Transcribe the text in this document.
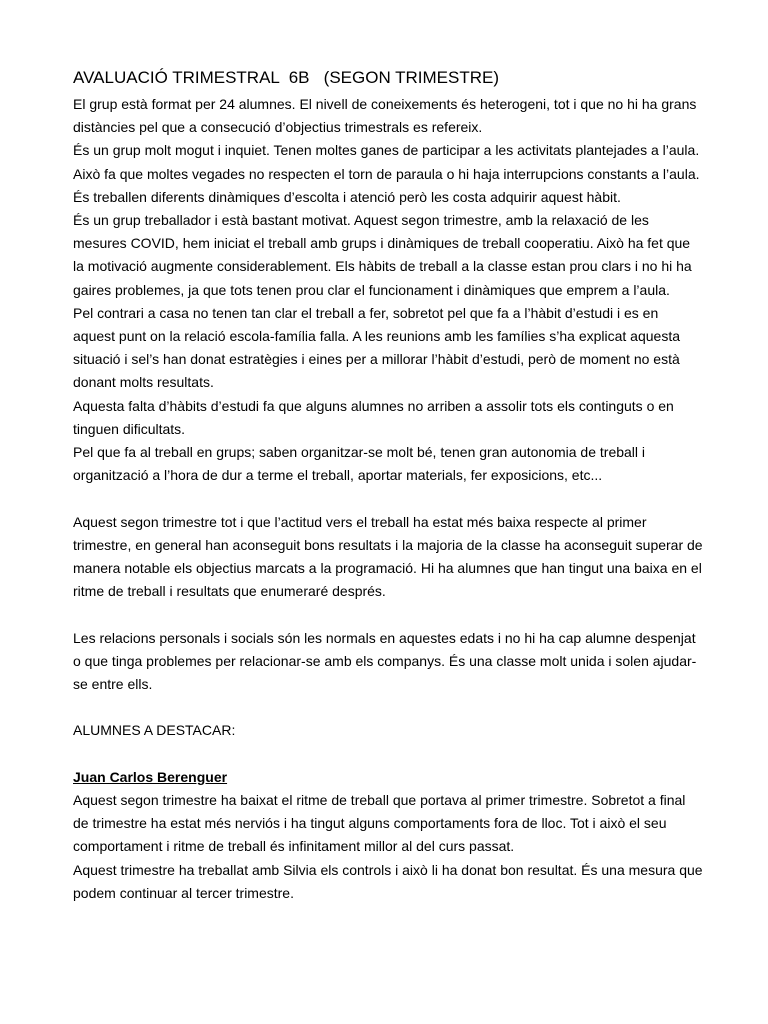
AVALUACIÓ TRIMESTRAL  6B   (SEGON TRIMESTRE)

El grup està format per 24 alumnes. El nivell de coneixements és heterogeni, tot i que no hi ha grans distàncies pel que a consecució d’objectius trimestrals es refereix.

És un grup molt mogut i inquiet. Tenen moltes ganes de participar a les activitats plantejades a l’aula. Això fa que moltes vegades no respecten el torn de paraula o hi haja interrupcions constants a l’aula. És treballen diferents dinàmiques d’escolta i atenció però les costa adquirir aquest hàbit.

És un grup treballador i està bastant motivat. Aquest segon trimestre, amb la relaxació de les mesures COVID, hem iniciat el treball amb grups i dinàmiques de treball cooperatiu. Això ha fet que la motivació augmente considerablement. Els hàbits de treball a la classe estan prou clars i no hi ha gaires problemes, ja que tots tenen prou clar el funcionament i dinàmiques que emprem a l’aula.

Pel contrari a casa no tenen tan clar el treball a fer, sobretot pel que fa a l’hàbit d’estudi i es en aquest punt on la relació escola-família falla. A les reunions amb les famílies s’ha explicat aquesta situació i sel’s han donat estratègies i eines per a millorar l’hàbit d’estudi, però de moment no està donant molts resultats.

Aquesta falta d’hàbits d’estudi fa que alguns alumnes no arriben a assolir tots els continguts o en tinguen dificultats.

Pel que fa al treball en grups; saben organitzar-se molt bé, tenen gran autonomia de treball i organització a l’hora de dur a terme el treball, aportar materials, fer exposicions, etc...

Aquest segon trimestre tot i que l’actitud vers el treball ha estat més baixa respecte al primer trimestre, en general han aconseguit bons resultats i la majoria de la classe ha aconseguit superar de manera notable els objectius marcats a la programació. Hi ha alumnes que han tingut una baixa en el ritme de treball i resultats que enumeraré després.

Les relacions personals i socials són les normals en aquestes edats i no hi ha cap alumne despenjat o que tinga problemes per relacionar-se amb els companys. És una classe molt unida i solen ajudar-se entre ells.

ALUMNES A DESTACAR:

Juan Carlos Berenguer

Aquest segon trimestre ha baixat el ritme de treball que portava al primer trimestre. Sobretot a final de trimestre ha estat més nerviós i ha tingut alguns comportaments fora de lloc. Tot i això el seu comportament i ritme de treball és infinitament millor al del curs passat.

Aquest trimestre ha treballat amb Silvia els controls i això li ha donat bon resultat. És una mesura que podem continuar al tercer trimestre.
